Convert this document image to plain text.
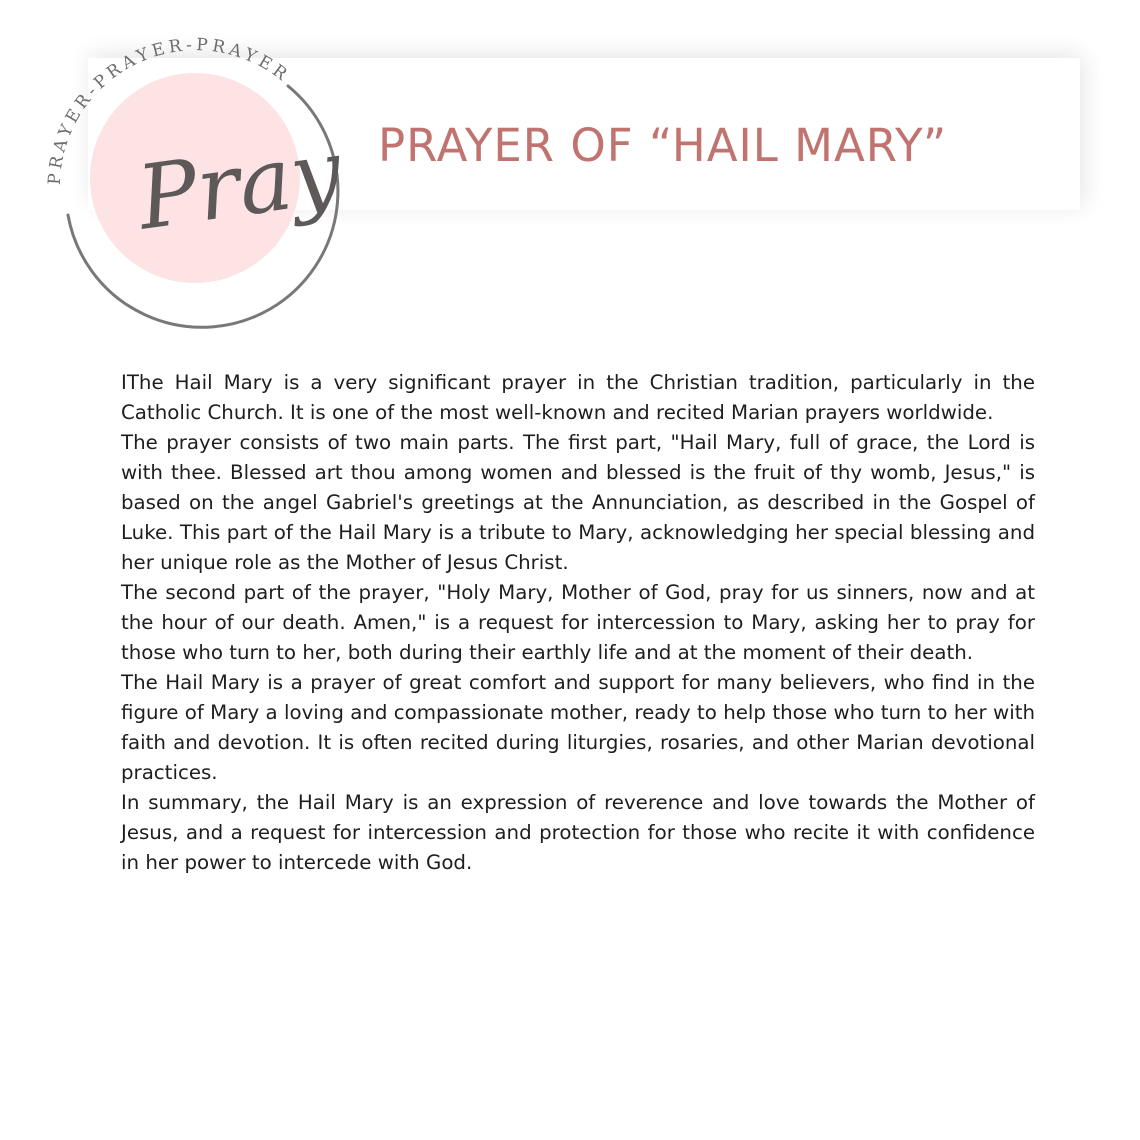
PRAYER-PRAYER-PRAYER
Pray PRAYER OF “HAIL MARY”

IThe Hail Mary is a very significant prayer in the Christian tradition, particularly in the Catholic Church. It is one of the most well-known and recited Marian prayers worldwide.

The prayer consists of two main parts. The first part, "Hail Mary, full of grace, the Lord is with thee. Blessed art thou among women and blessed is the fruit of thy womb, Jesus," is based on the angel Gabriel's greetings at the Annunciation, as described in the Gospel of Luke. This part of the Hail Mary is a tribute to Mary, acknowledging her special blessing and her unique role as the Mother of Jesus Christ.

The second part of the prayer, "Holy Mary, Mother of God, pray for us sinners, now and at the hour of our death. Amen," is a request for intercession to Mary, asking her to pray for those who turn to her, both during their earthly life and at the moment of their death.

The Hail Mary is a prayer of great comfort and support for many believers, who find in the figure of Mary a loving and compassionate mother, ready to help those who turn to her with faith and devotion. It is often recited during liturgies, rosaries, and other Marian devotional practices.

In summary, the Hail Mary is an expression of reverence and love towards the Mother of Jesus, and a request for intercession and protection for those who recite it with confidence in her power to intercede with God.
